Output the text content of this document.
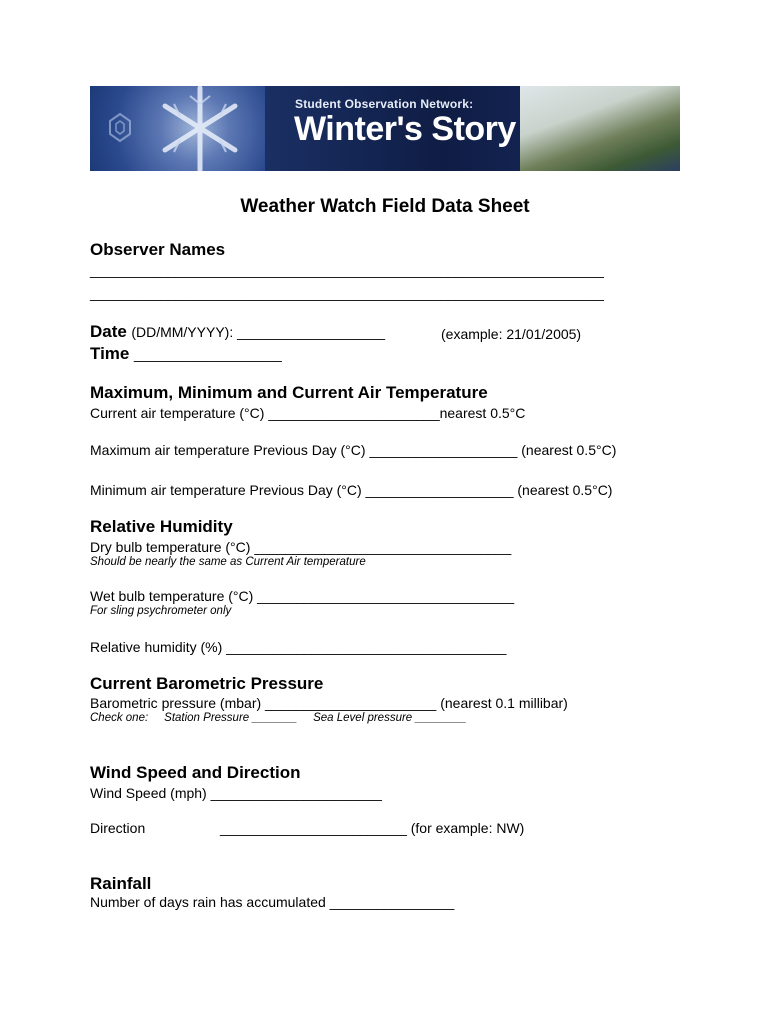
Student Observation Network:
Winter's Story
Weather Watch Field Data Sheet
Observer Names
__________________________________________________________________
__________________________________________________________________
Date (DD/MM/YYYY): ___________________	(example: 21/01/2005)
Time ___________________
Maximum, Minimum and Current Air Temperature
Current air temperature (°C) ______________________nearest 0.5°C
Maximum air temperature Previous Day (°C) ___________________ (nearest 0.5°C)
Minimum air temperature Previous Day (°C) ___________________ (nearest 0.5°C)
Relative Humidity
Dry bulb temperature (°C) _________________________________
Should be nearly the same as Current Air temperature
Wet bulb temperature (°C) _________________________________
For sling psychrometer only
Relative humidity (%) ____________________________________
Current Barometric Pressure
Barometric pressure (mbar) ______________________ (nearest 0.1 millibar)
Check one:     Station Pressure _______     Sea Level pressure ________
Wind Speed and Direction
Wind Speed (mph) ______________________
Direction	________________________ (for example: NW)
Rainfall
Number of days rain has accumulated ________________
